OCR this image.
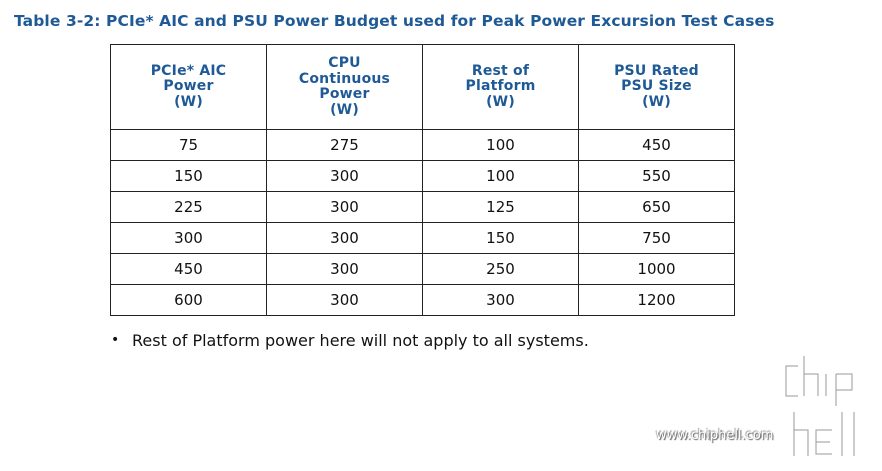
Table 3-2: PCIe* AIC and PSU Power Budget used for Peak Power Excursion Test Cases
PCIe* AIC
Power
(W)	CPU
Continuous
Power
(W)	Rest of
Platform
(W)	PSU Rated
PSU Size
(W)

75	275	100	450
150	300	100	550
225	300	125	650
300	300	150	750
450	300	250	1000
600	300	300	1200
• Rest of Platform power here will not apply to all systems.
www.chiphell.com
